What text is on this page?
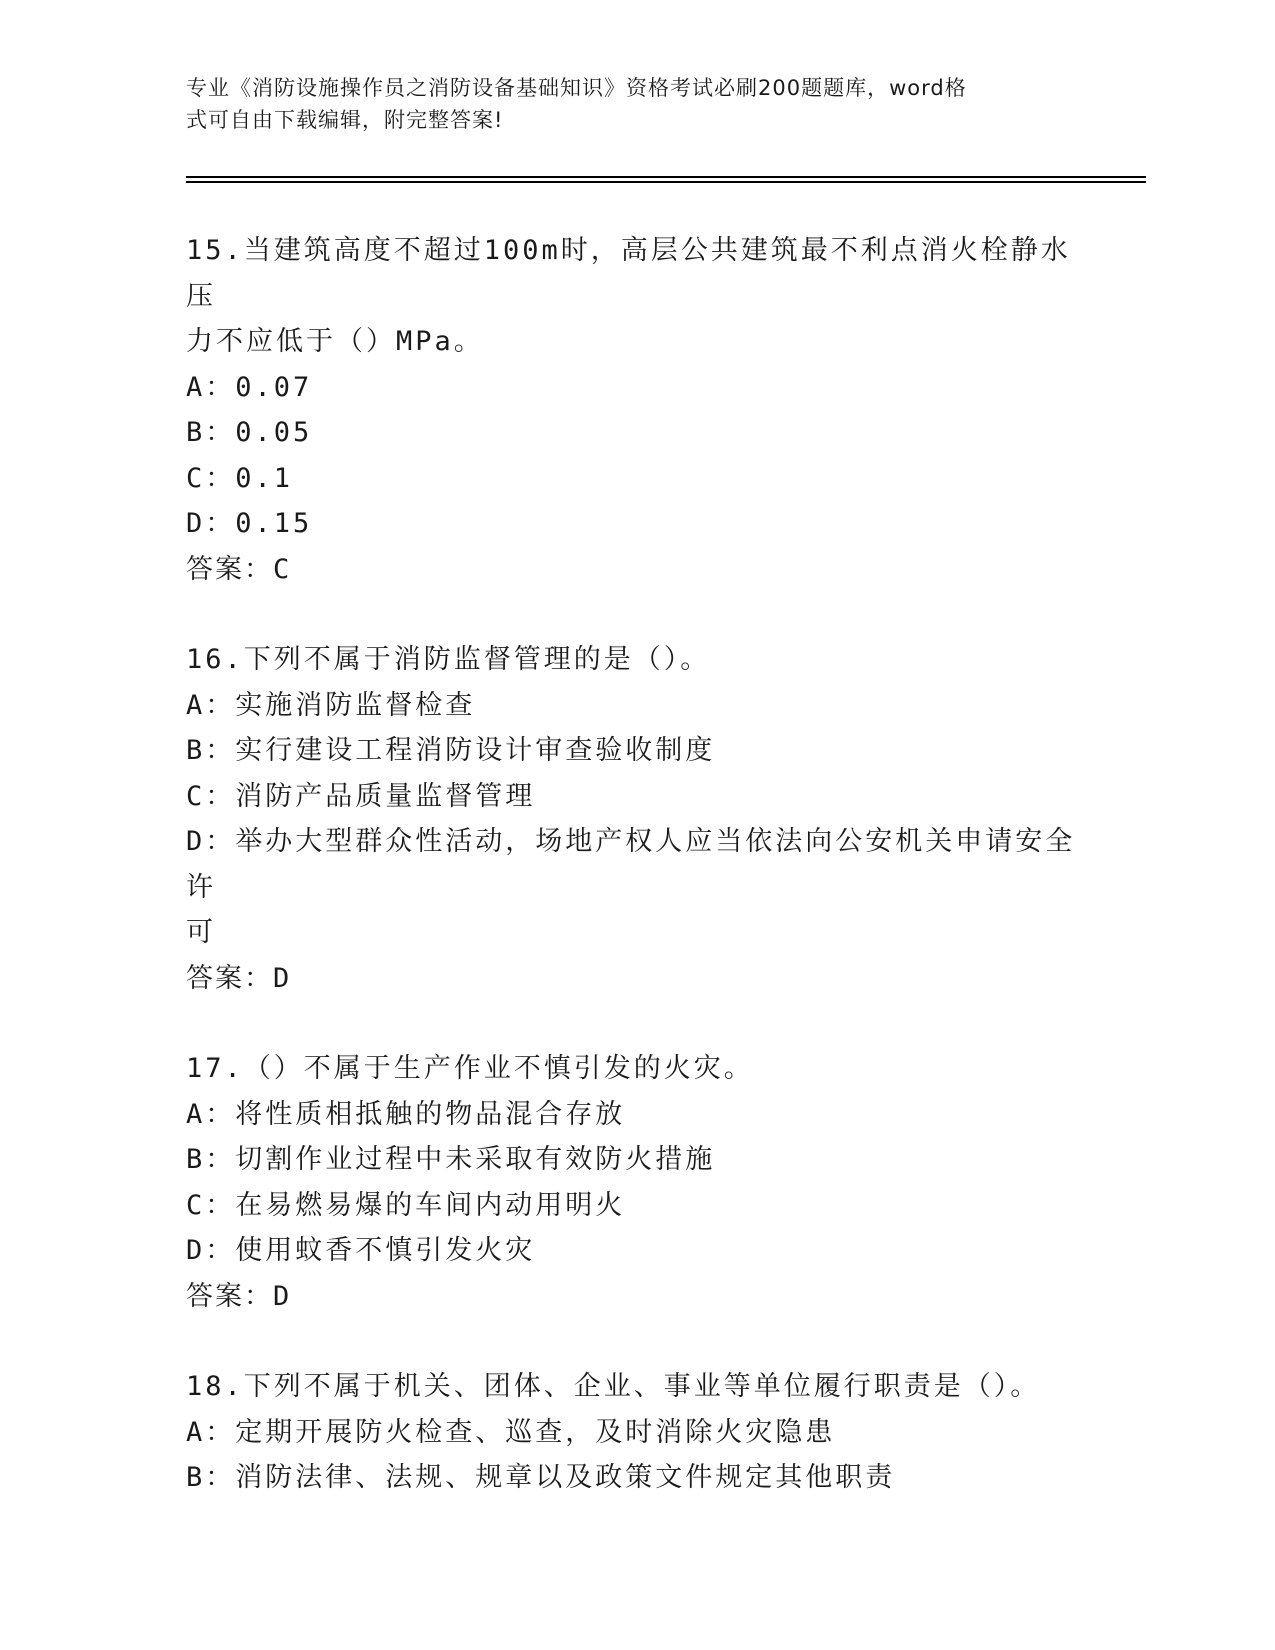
专业《消防设施操作员之消防设备基础知识》资格考试必刷200题题库，word格
式可自由下载编辑，附完整答案!
15.当建筑高度不超过100m时，高层公共建筑最不利点消火栓静水压
力不应低于（）MPa。
A：0.07
B：0.05
C：0.1
D：0.15
答案：C
16.下列不属于消防监督管理的是（）。
A：实施消防监督检查
B：实行建设工程消防设计审查验收制度
C：消防产品质量监督管理
D：举办大型群众性活动，场地产权人应当依法向公安机关申请安全许
可
答案：D
17.（）不属于生产作业不慎引发的火灾。
A：将性质相抵触的物品混合存放
B：切割作业过程中未采取有效防火措施
C：在易燃易爆的车间内动用明火
D：使用蚊香不慎引发火灾
答案：D
18.下列不属于机关、团体、企业、事业等单位履行职责是（）。
A：定期开展防火检查、巡查，及时消除火灾隐患
B：消防法律、法规、规章以及政策文件规定其他职责
